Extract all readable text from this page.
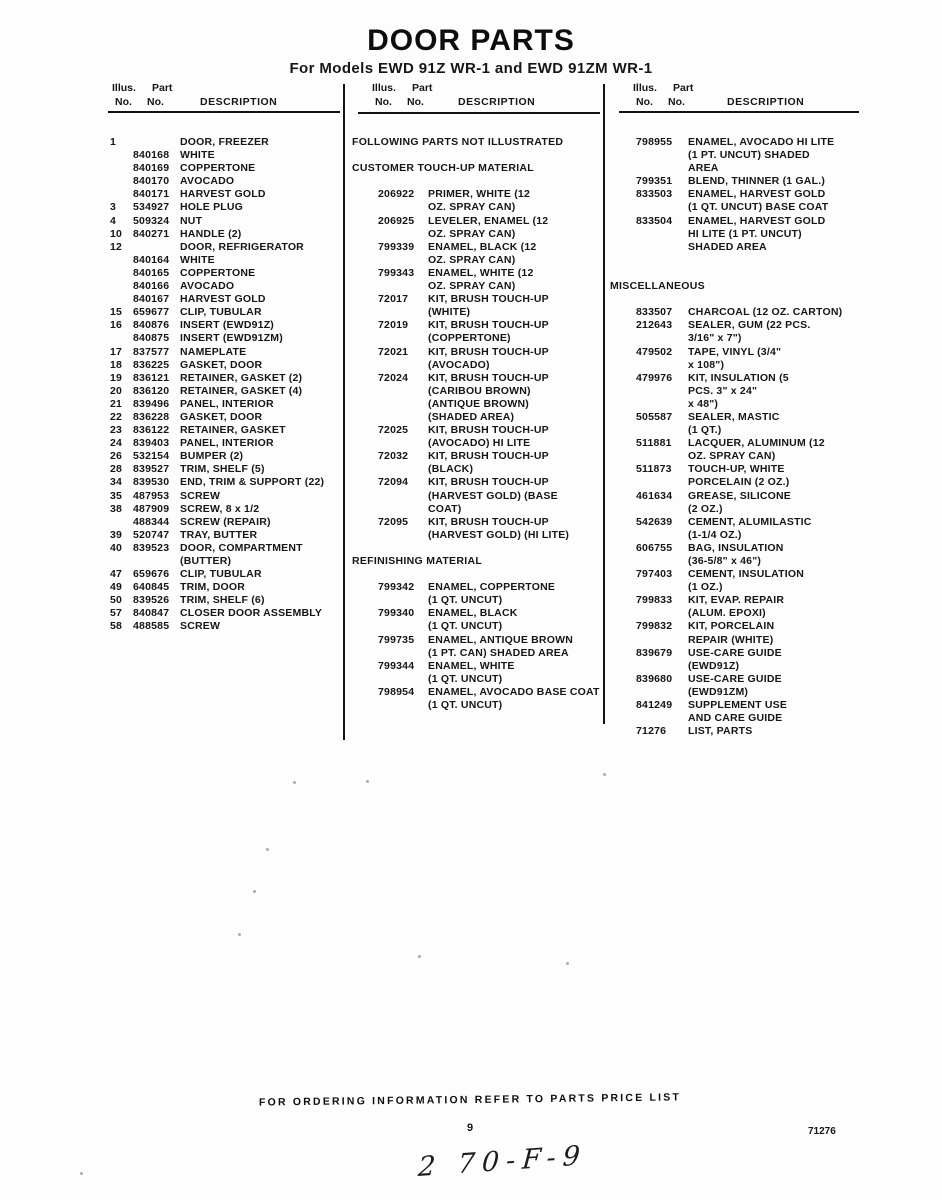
DOOR PARTS
For Models EWD 91Z WR-1 and EWD 91ZM WR-1
Illus. Part
No. No.	DESCRIPTION
Illus. Part
No. No.	DESCRIPTION
Illus. Part
No. No.	DESCRIPTION
1	DOOR, FREEZER
840168	WHITE
840169	COPPERTONE
840170	AVOCADO
840171	HARVEST GOLD
3	534927	HOLE PLUG
4	509324	NUT
10	840271	HANDLE (2)
12	DOOR, REFRIGERATOR
840164	WHITE
840165	COPPERTONE
840166	AVOCADO
840167	HARVEST GOLD
15	659677	CLIP, TUBULAR
16	840876	INSERT (EWD91Z)
840875	INSERT (EWD91ZM)
17	837577	NAMEPLATE
18	836225	GASKET, DOOR
19	836121	RETAINER, GASKET (2)
20	836120	RETAINER, GASKET (4)
21	839496	PANEL, INTERIOR
22	836228	GASKET, DOOR
23	836122	RETAINER, GASKET
24	839403	PANEL, INTERIOR
26	532154	BUMPER (2)
28	839527	TRIM, SHELF (5)
34	839530	END, TRIM & SUPPORT (22)
35	487953	SCREW
38	487909	SCREW, 8 x 1/2
488344	SCREW (REPAIR)
39	520747	TRAY, BUTTER
40	839523	DOOR, COMPARTMENT
(BUTTER)
47	659676	CLIP, TUBULAR
49	640845	TRIM, DOOR
50	839526	TRIM, SHELF (6)
57	840847	CLOSER DOOR ASSEMBLY
58	488585	SCREW
FOLLOWING PARTS NOT ILLUSTRATED
CUSTOMER TOUCH-UP MATERIAL
206922	PRIMER, WHITE (12
OZ. SPRAY CAN)
206925	LEVELER, ENAMEL (12
OZ. SPRAY CAN)
799339	ENAMEL, BLACK (12
OZ. SPRAY CAN)
799343	ENAMEL, WHITE (12
OZ. SPRAY CAN)
72017	KIT, BRUSH TOUCH-UP
(WHITE)
72019	KIT, BRUSH TOUCH-UP
(COPPERTONE)
72021	KIT, BRUSH TOUCH-UP
(AVOCADO)
72024	KIT, BRUSH TOUCH-UP
(CARIBOU BROWN)
(ANTIQUE BROWN)
(SHADED AREA)
72025	KIT, BRUSH TOUCH-UP
(AVOCADO) HI LITE
72032	KIT, BRUSH TOUCH-UP
(BLACK)
72094	KIT, BRUSH TOUCH-UP
(HARVEST GOLD) (BASE
COAT)
72095	KIT, BRUSH TOUCH-UP
(HARVEST GOLD) (HI LITE)
REFINISHING MATERIAL
799342	ENAMEL, COPPERTONE
(1 QT. UNCUT)
799340	ENAMEL, BLACK
(1 QT. UNCUT)
799735	ENAMEL, ANTIQUE BROWN
(1 PT. CAN) SHADED AREA
799344	ENAMEL, WHITE
(1 QT. UNCUT)
798954	ENAMEL, AVOCADO BASE COAT
(1 QT. UNCUT)
798955	ENAMEL, AVOCADO HI LITE
(1 PT. UNCUT) SHADED
AREA
799351	BLEND, THINNER (1 GAL.)
833503	ENAMEL, HARVEST GOLD
(1 QT. UNCUT) BASE COAT
833504	ENAMEL, HARVEST GOLD
HI LITE (1 PT. UNCUT)
SHADED AREA
MISCELLANEOUS
833507	CHARCOAL (12 OZ. CARTON)
212643	SEALER, GUM (22 PCS.
3/16" x 7")
479502	TAPE, VINYL (3/4"
x 108")
479976	KIT, INSULATION (5
PCS. 3" x 24"
x 48")
505587	SEALER, MASTIC
(1 QT.)
511881	LACQUER, ALUMINUM (12
OZ. SPRAY CAN)
511873	TOUCH-UP, WHITE
PORCELAIN (2 OZ.)
461634	GREASE, SILICONE
(2 OZ.)
542639	CEMENT, ALUMILASTIC
(1-1/4 OZ.)
606755	BAG, INSULATION
(36-5/8" x 46")
797403	CEMENT, INSULATION
(1 OZ.)
799833	KIT, EVAP. REPAIR
(ALUM. EPOXI)
799832	KIT, PORCELAIN
REPAIR (WHITE)
839679	USE-CARE GUIDE
(EWD91Z)
839680	USE-CARE GUIDE
(EWD91ZM)
841249	SUPPLEMENT USE
AND CARE GUIDE
71276	LIST, PARTS
FOR ORDERING INFORMATION REFER TO PARTS PRICE LIST
9	71276
2 70-F-9
